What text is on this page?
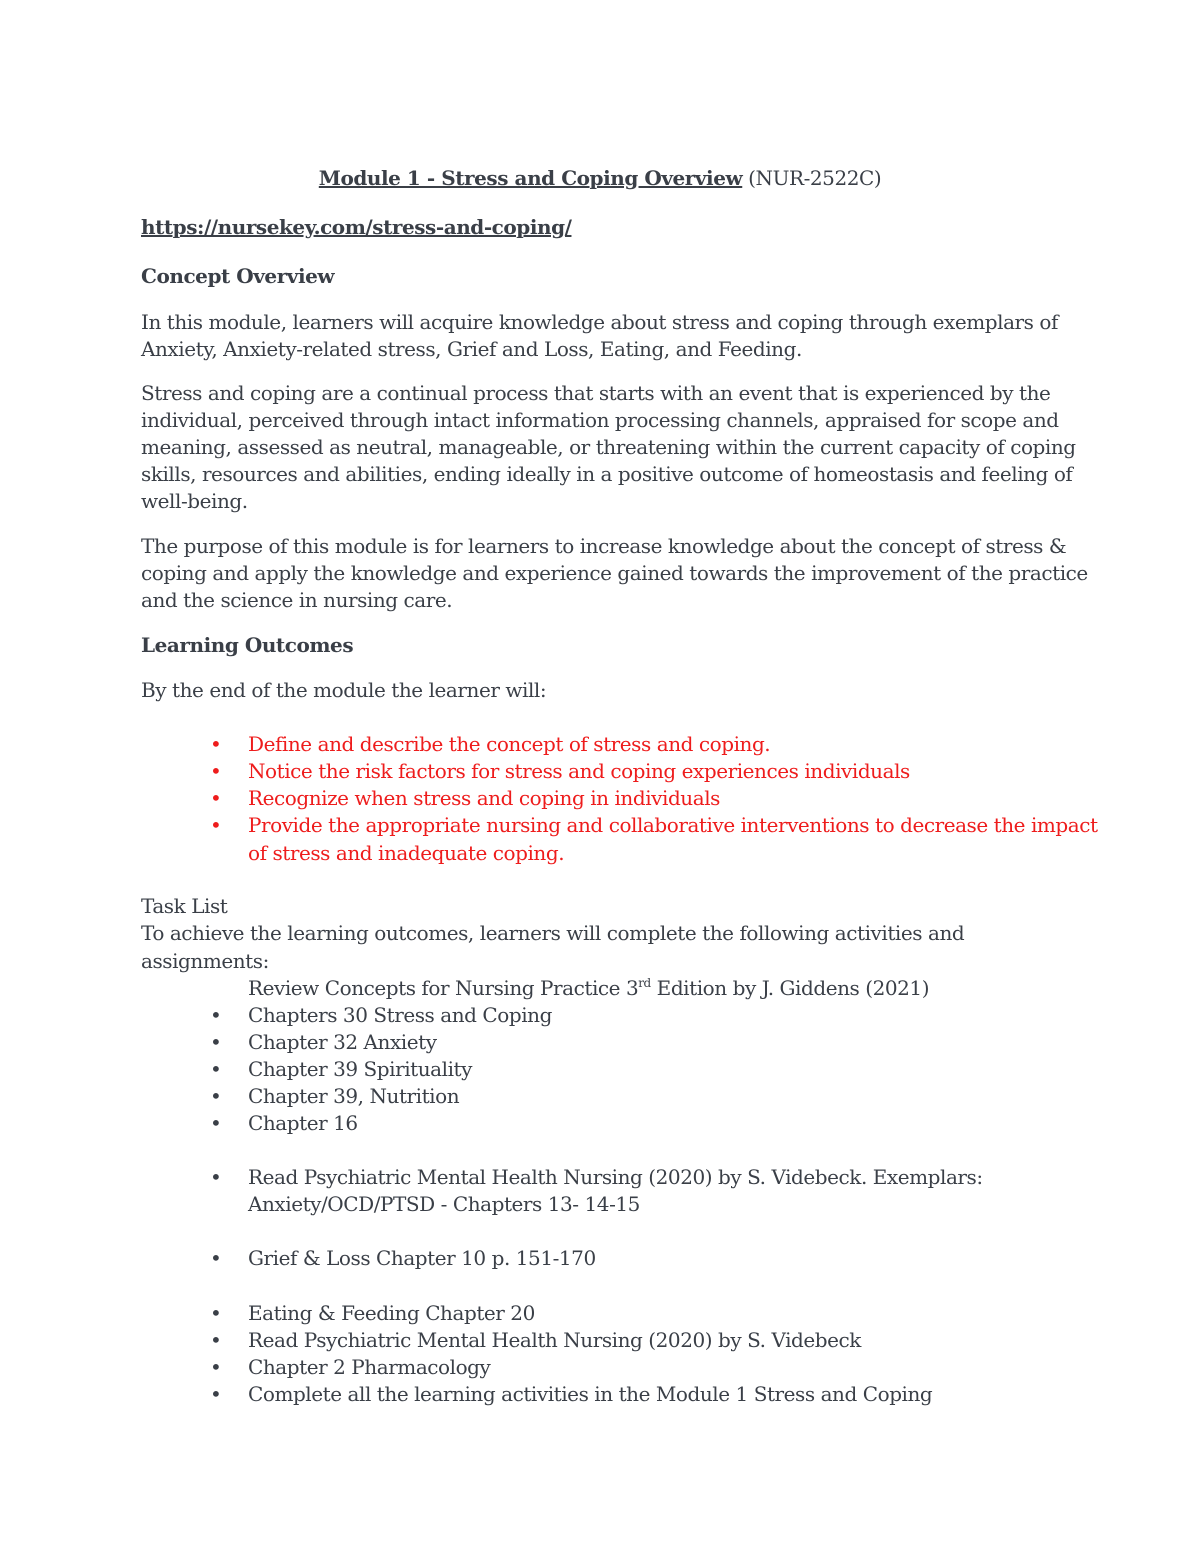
Module 1 - Stress and Coping Overview (NUR-2522C)
https://nursekey.com/stress-and-coping/
Concept Overview
In this module, learners will acquire knowledge about stress and coping through exemplars of
Anxiety, Anxiety-related stress, Grief and Loss, Eating, and Feeding.
Stress and coping are a continual process that starts with an event that is experienced by the
individual, perceived through intact information processing channels, appraised for scope and
meaning, assessed as neutral, manageable, or threatening within the current capacity of coping
skills, resources and abilities, ending ideally in a positive outcome of homeostasis and feeling of
well-being.
The purpose of this module is for learners to increase knowledge about the concept of stress &
coping and apply the knowledge and experience gained towards the improvement of the practice
and the science in nursing care.
Learning Outcomes
By the end of the module the learner will:
• Define and describe the concept of stress and coping.
• Notice the risk factors for stress and coping experiences individuals
• Recognize when stress and coping in individuals
• Provide the appropriate nursing and collaborative interventions to decrease the impact
of stress and inadequate coping.
Task List
To achieve the learning outcomes, learners will complete the following activities and
assignments:
Review Concepts for Nursing Practice 3rd Edition by J. Giddens (2021)
• Chapters 30 Stress and Coping
• Chapter 32 Anxiety
• Chapter 39 Spirituality
• Chapter 39, Nutrition
• Chapter 16
• Read Psychiatric Mental Health Nursing (2020) by S. Videbeck. Exemplars:
Anxiety/OCD/PTSD - Chapters 13- 14-15
• Grief & Loss Chapter 10 p. 151-170
• Eating & Feeding Chapter 20
• Read Psychiatric Mental Health Nursing (2020) by S. Videbeck
• Chapter 2 Pharmacology
• Complete all the learning activities in the Module 1 Stress and Coping
